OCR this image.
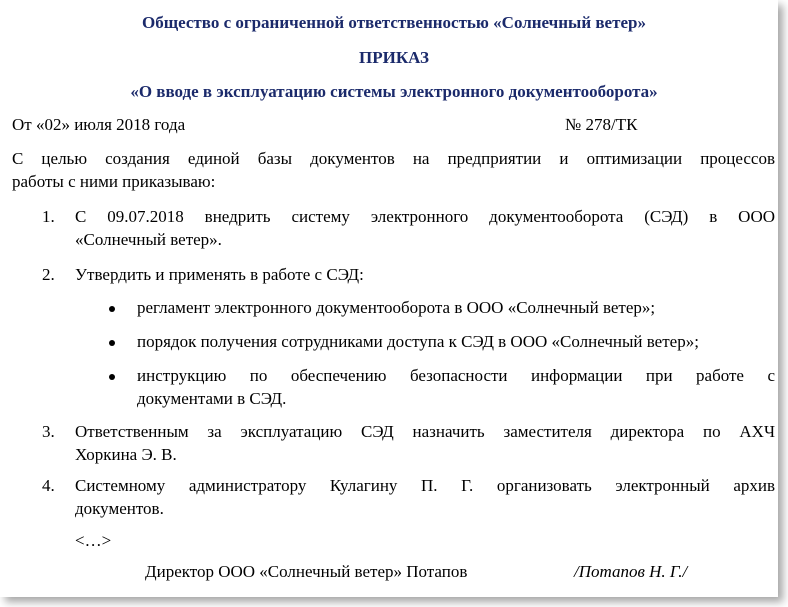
Общество с ограниченной ответственностью «Солнечный ветер»
ПРИКАЗ
«О вводе в эксплуатацию системы электронного документооборота»
От «02» июля 2018 года	№ 278/ТК
С целью создания единой базы документов на предприятии и оптимизации процессов
работы с ними приказываю:
1. С 09.07.2018 внедрить систему электронного документооборота (СЭД) в ООО
«Солнечный ветер».
2. Утвердить и применять в работе с СЭД:
регламент электронного документооборота в ООО «Солнечный ветер»;
порядок получения сотрудниками доступа к СЭД в ООО «Солнечный ветер»;
инструкцию по обеспечению безопасности информации при работе с
документами в СЭД.
3. Ответственным за эксплуатацию СЭД назначить заместителя директора по АХЧ
Хоркина Э. В.
4. Системному администратору Кулагину П. Г. организовать электронный архив
документов.
<…>
Директор ООО «Солнечный ветер» Потапов	/Потапов Н. Г./
